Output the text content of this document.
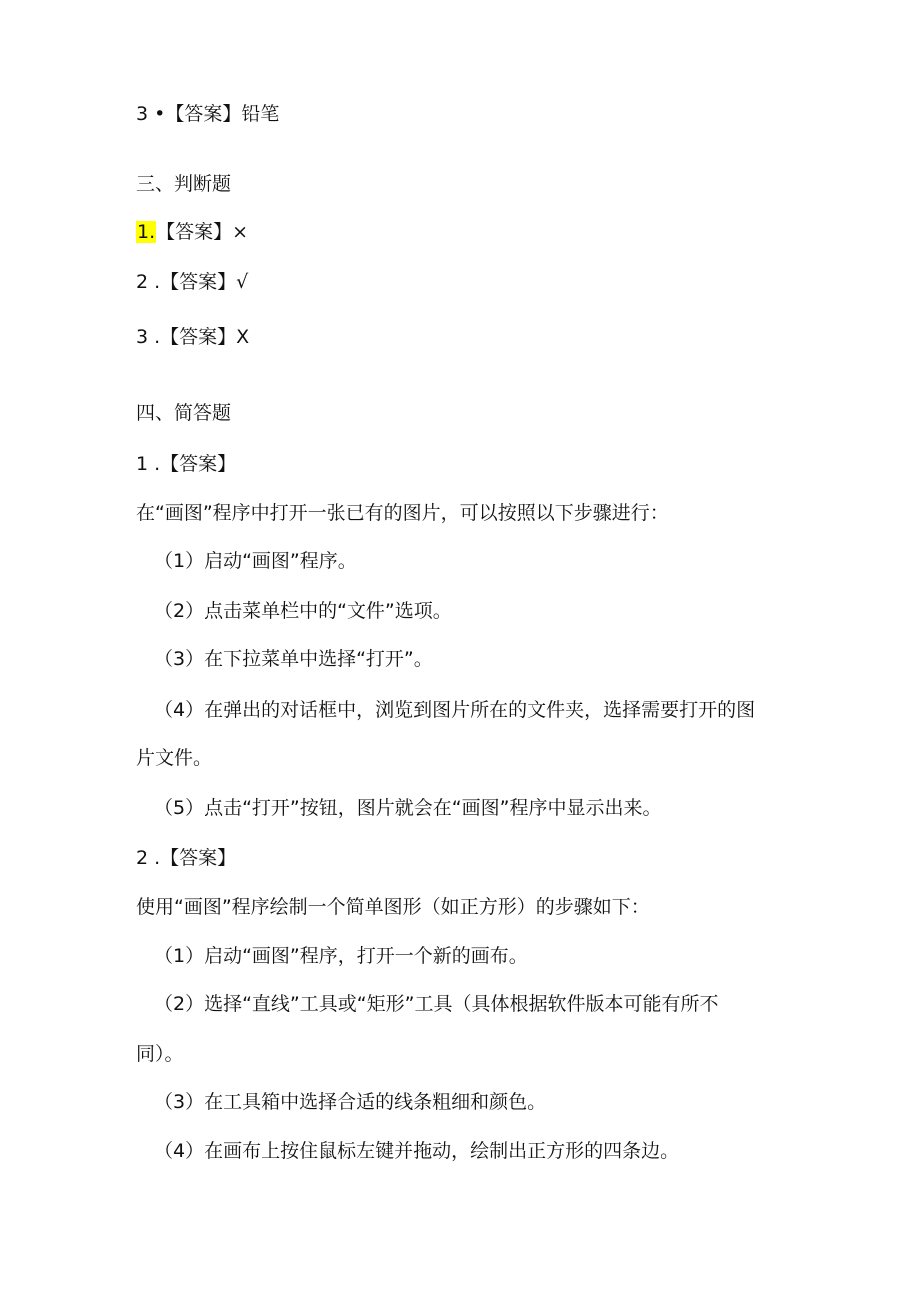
3 •【答案】铅笔
三、判断题
1.【答案】×
2 .【答案】√
3 .【答案】X
四、简答题
1 .【答案】
在“画图”程序中打开一张已有的图片，可以按照以下步骤进行：
（1）启动“画图”程序。
（2）点击菜单栏中的“文件”选项。
（3）在下拉菜单中选择“打开”。
（4）在弹出的对话框中，浏览到图片所在的文件夹，选择需要打开的图
片文件。
（5）点击“打开”按钮，图片就会在“画图”程序中显示出来。
2 .【答案】
使用“画图”程序绘制一个简单图形（如正方形）的步骤如下：
（1）启动“画图”程序，打开一个新的画布。
（2）选择“直线”工具或“矩形”工具（具体根据软件版本可能有所不
同）。
（3）在工具箱中选择合适的线条粗细和颜色。
（4）在画布上按住鼠标左键并拖动，绘制出正方形的四条边。
